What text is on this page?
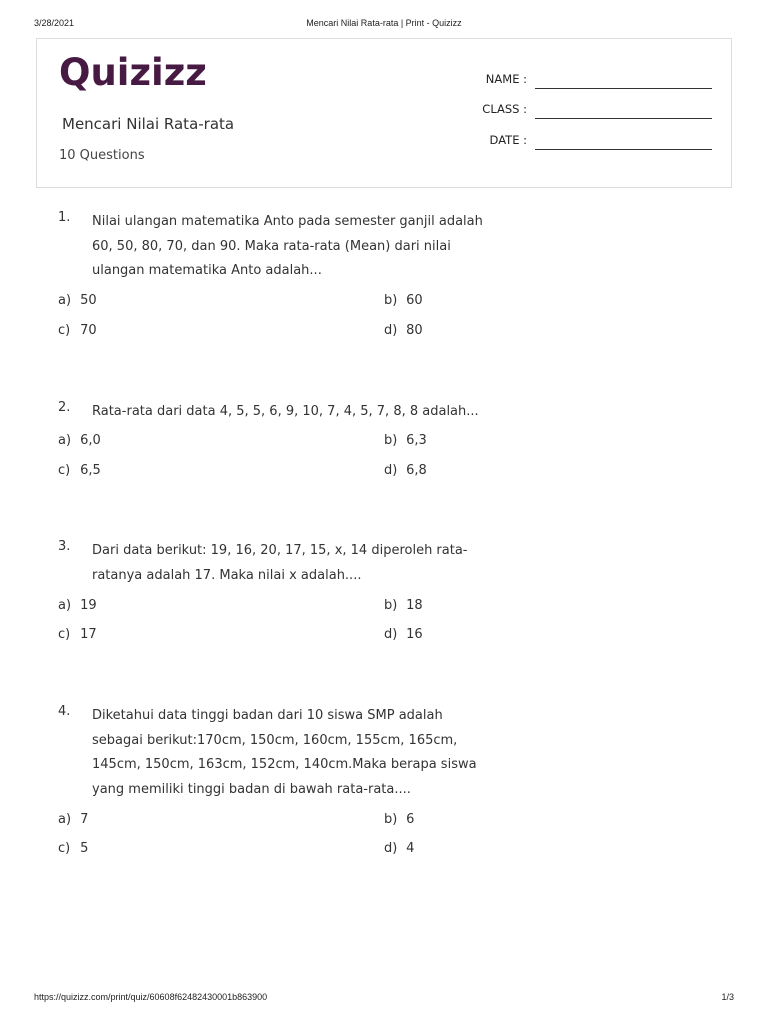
3/28/2021	Mencari Nilai Rata-rata | Print - Quizizz
Quizizz
Mencari Nilai Rata-rata
10 Questions
NAME :
CLASS :
DATE :
1. Nilai ulangan matematika Anto pada semester ganjil adalah 60, 50, 80, 70, dan 90. Maka rata-rata (Mean) dari nilai ulangan matematika Anto adalah...
a) 50	b) 60
c) 70	d) 80
2. Rata-rata dari data 4, 5, 5, 6, 9, 10, 7, 4, 5, 7, 8, 8 adalah...
a) 6,0	b) 6,3
c) 6,5	d) 6,8
3. Dari data berikut: 19, 16, 20, 17, 15, x, 14 diperoleh rata-ratanya adalah 17. Maka nilai x adalah....
a) 19	b) 18
c) 17	d) 16
4. Diketahui data tinggi badan dari 10 siswa SMP adalah sebagai berikut:170cm, 150cm, 160cm, 155cm, 165cm, 145cm, 150cm, 163cm, 152cm, 140cm.Maka berapa siswa yang memiliki tinggi badan di bawah rata-rata....
a) 7	b) 6
c) 5	d) 4
https://quizizz.com/print/quiz/60608f62482430001b863900	1/3
